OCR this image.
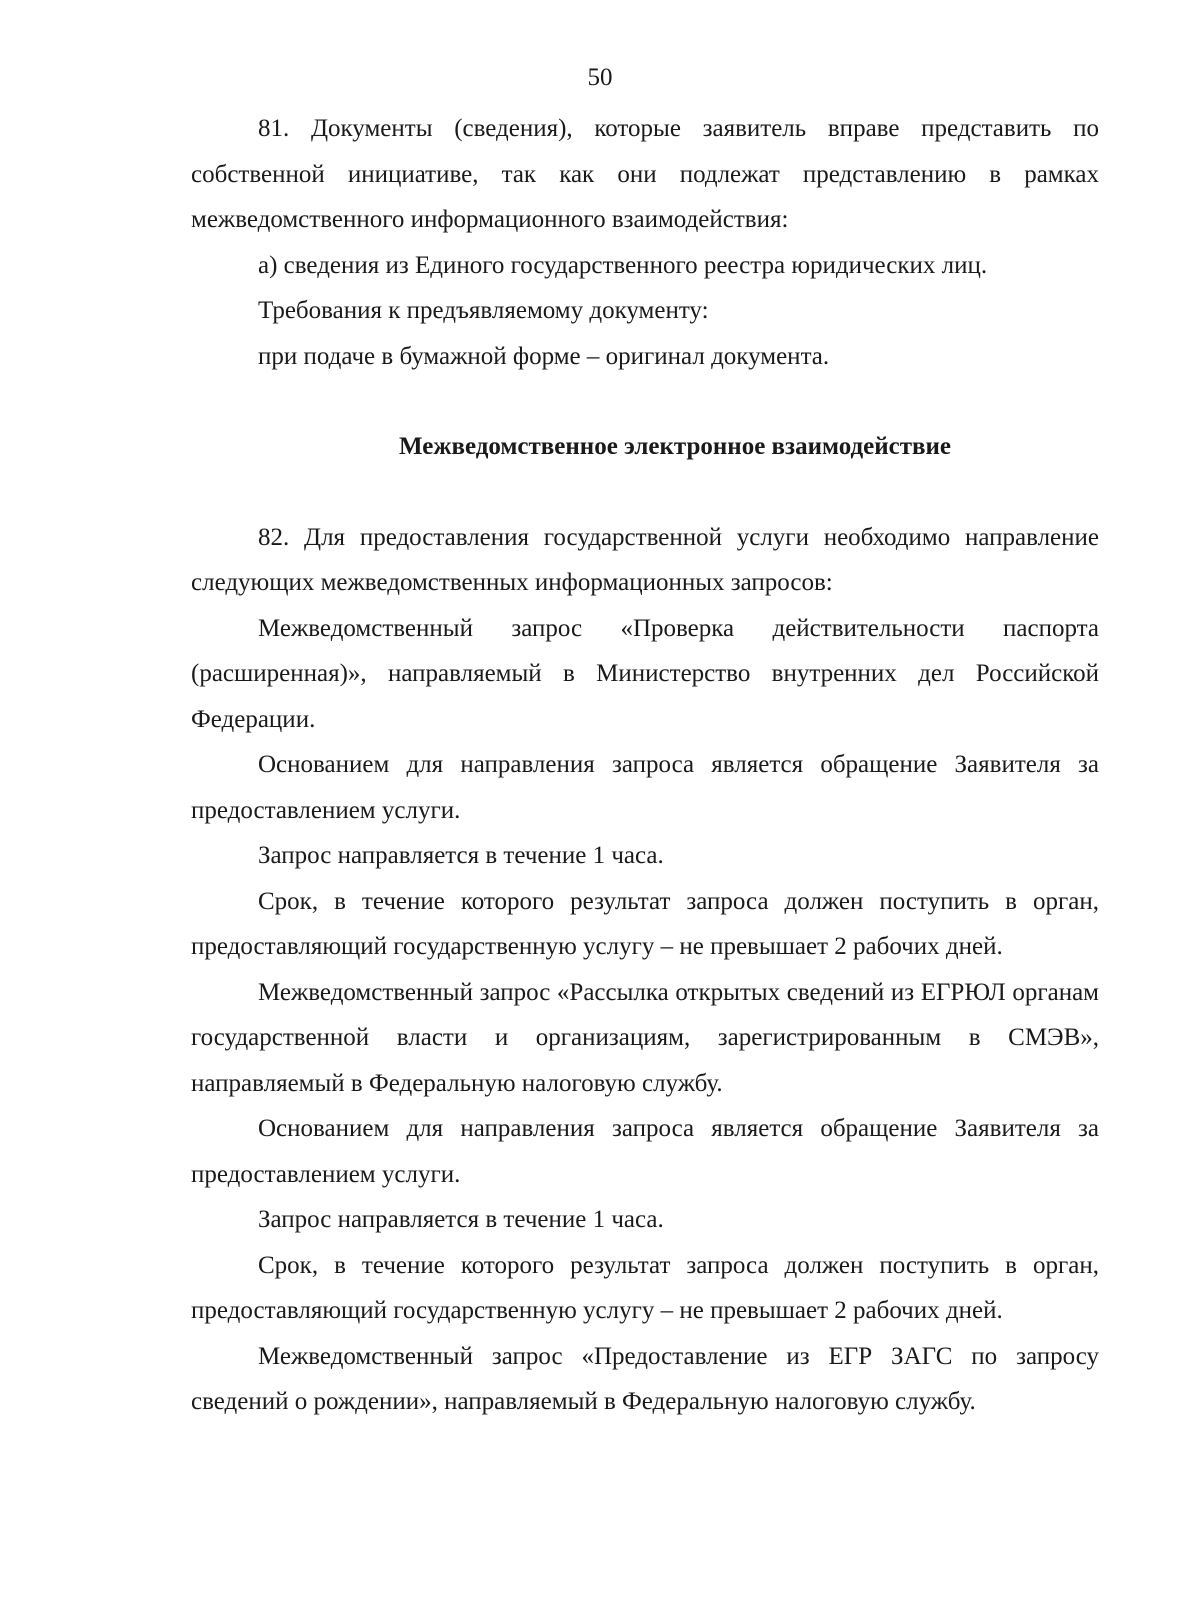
50

81. Документы (сведения), которые заявитель вправе представить по собственной инициативе, так как они подлежат представлению в рамках межведомственного информационного взаимодействия:

а) сведения из Единого государственного реестра юридических лиц.

Требования к предъявляемому документу:

при подаче в бумажной форме – оригинал документа.

Межведомственное электронное взаимодействие

82. Для предоставления государственной услуги необходимо направление следующих межведомственных информационных запросов:

Межведомственный запрос «Проверка действительности паспорта (расширенная)», направляемый в Министерство внутренних дел Российской Федерации.

Основанием для направления запроса является обращение Заявителя за предоставлением услуги.

Запрос направляется в течение 1 часа.

Срок, в течение которого результат запроса должен поступить в орган, предоставляющий государственную услугу – не превышает 2 рабочих дней.

Межведомственный запрос «Рассылка открытых сведений из ЕГРЮЛ органам государственной власти и организациям, зарегистрированным в СМЭВ», направляемый в Федеральную налоговую службу.

Основанием для направления запроса является обращение Заявителя за предоставлением услуги.

Запрос направляется в течение 1 часа.

Срок, в течение которого результат запроса должен поступить в орган, предоставляющий государственную услугу – не превышает 2 рабочих дней.

Межведомственный запрос «Предоставление из ЕГР ЗАГС по запросу сведений о рождении», направляемый в Федеральную налоговую службу.
